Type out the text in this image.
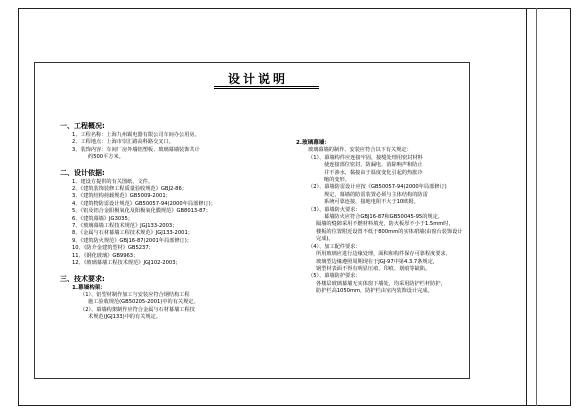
设计说明
一、工程概况:
1、工程名称：上海九州霸电器有限公司车间办公用房。
2、工程地点：上海市崇汇路高科路交叉口。
3、装饰内容：车间厂房外墙铝塑板、玻璃幕墙装饰共计
约500平方米。
二、设计依据:
1、建设方提供的有关图纸、文件。
2、《建筑装饰装修工程质量验收规范》GBJ2-86；
3、《建筑结构荷载规范》GB5009-2001；
4、《建筑物防雷设计规范》GB50057-94(2000年局部修订)；
5、《铝及铝合金阳极氧化及阳极氧化膜规范》GB8013-87；
6、《建筑幕墙》JG3035；
7、《玻璃幕墙工程技术规范》JGJ133-2003；
8、《金属与石材幕墙工程技术规范》JGJ133-2001；
9、《建筑防火规范》GBJ16-87(2001年局部修订)；
10、《防介金建筑型材》GB5237；
11、《钢化玻璃》GB9963；
12、《玻璃幕墙工程技术规范》JGJ102-2003；
三、技术要求:
1.幕墙构架：
（1）、铝型材制作加工与安装应符合钢结构工程
施工验收规范(GB50205-2001)中的有关规定。
（2）、幕墙构架制作应符合金属与石材幕墙工程技
术规范(JGJ133)中的有关规定。
2.玻璃幕墙：
玻璃幕墙的制作、安装应符合以下有关规定：
（1）、幕墙构件应连接牢固，接缝处理用密封材料
使连接部位密封，防漏电、消除响声和防止
并不渗水，黏接由于温度变化引起的热胀冷
缩的变形。
（2）、幕墙防雷设计应按《GB50057-94(2000年局部修订)
规定，幕墙的防雷装置必须与主体结构的防雷
系统可靠连接，接地电阻不大于10欧姆。
（3）、幕墙防火要求：
幕墙防火应符合GBJ16-87和GB50045-95的规定。
隔墙的缝隙采用不燃材料填充，防火板厚不小于1.5mm时，
楼板的位置附近设置不低于800mm的实体裙墙(由窗台装饰设计
完成)。
（4）、加工配件要求：
所用玻璃应进行边缘处理，面积和构件保存可靠程度要求，
玻璃型边缘遵照周期现在于JGJ-97中第4.3.7条规定，
钢型材表面不得有明显压痕、印痕、划痕等缺陷。
（5）、幕墙防护要求：
各楼层玻璃幕墙无实体窗下墙处，均采用防护栏杆防护，
防护栏高1050mm，防护栏由室内装饰设计完成。
